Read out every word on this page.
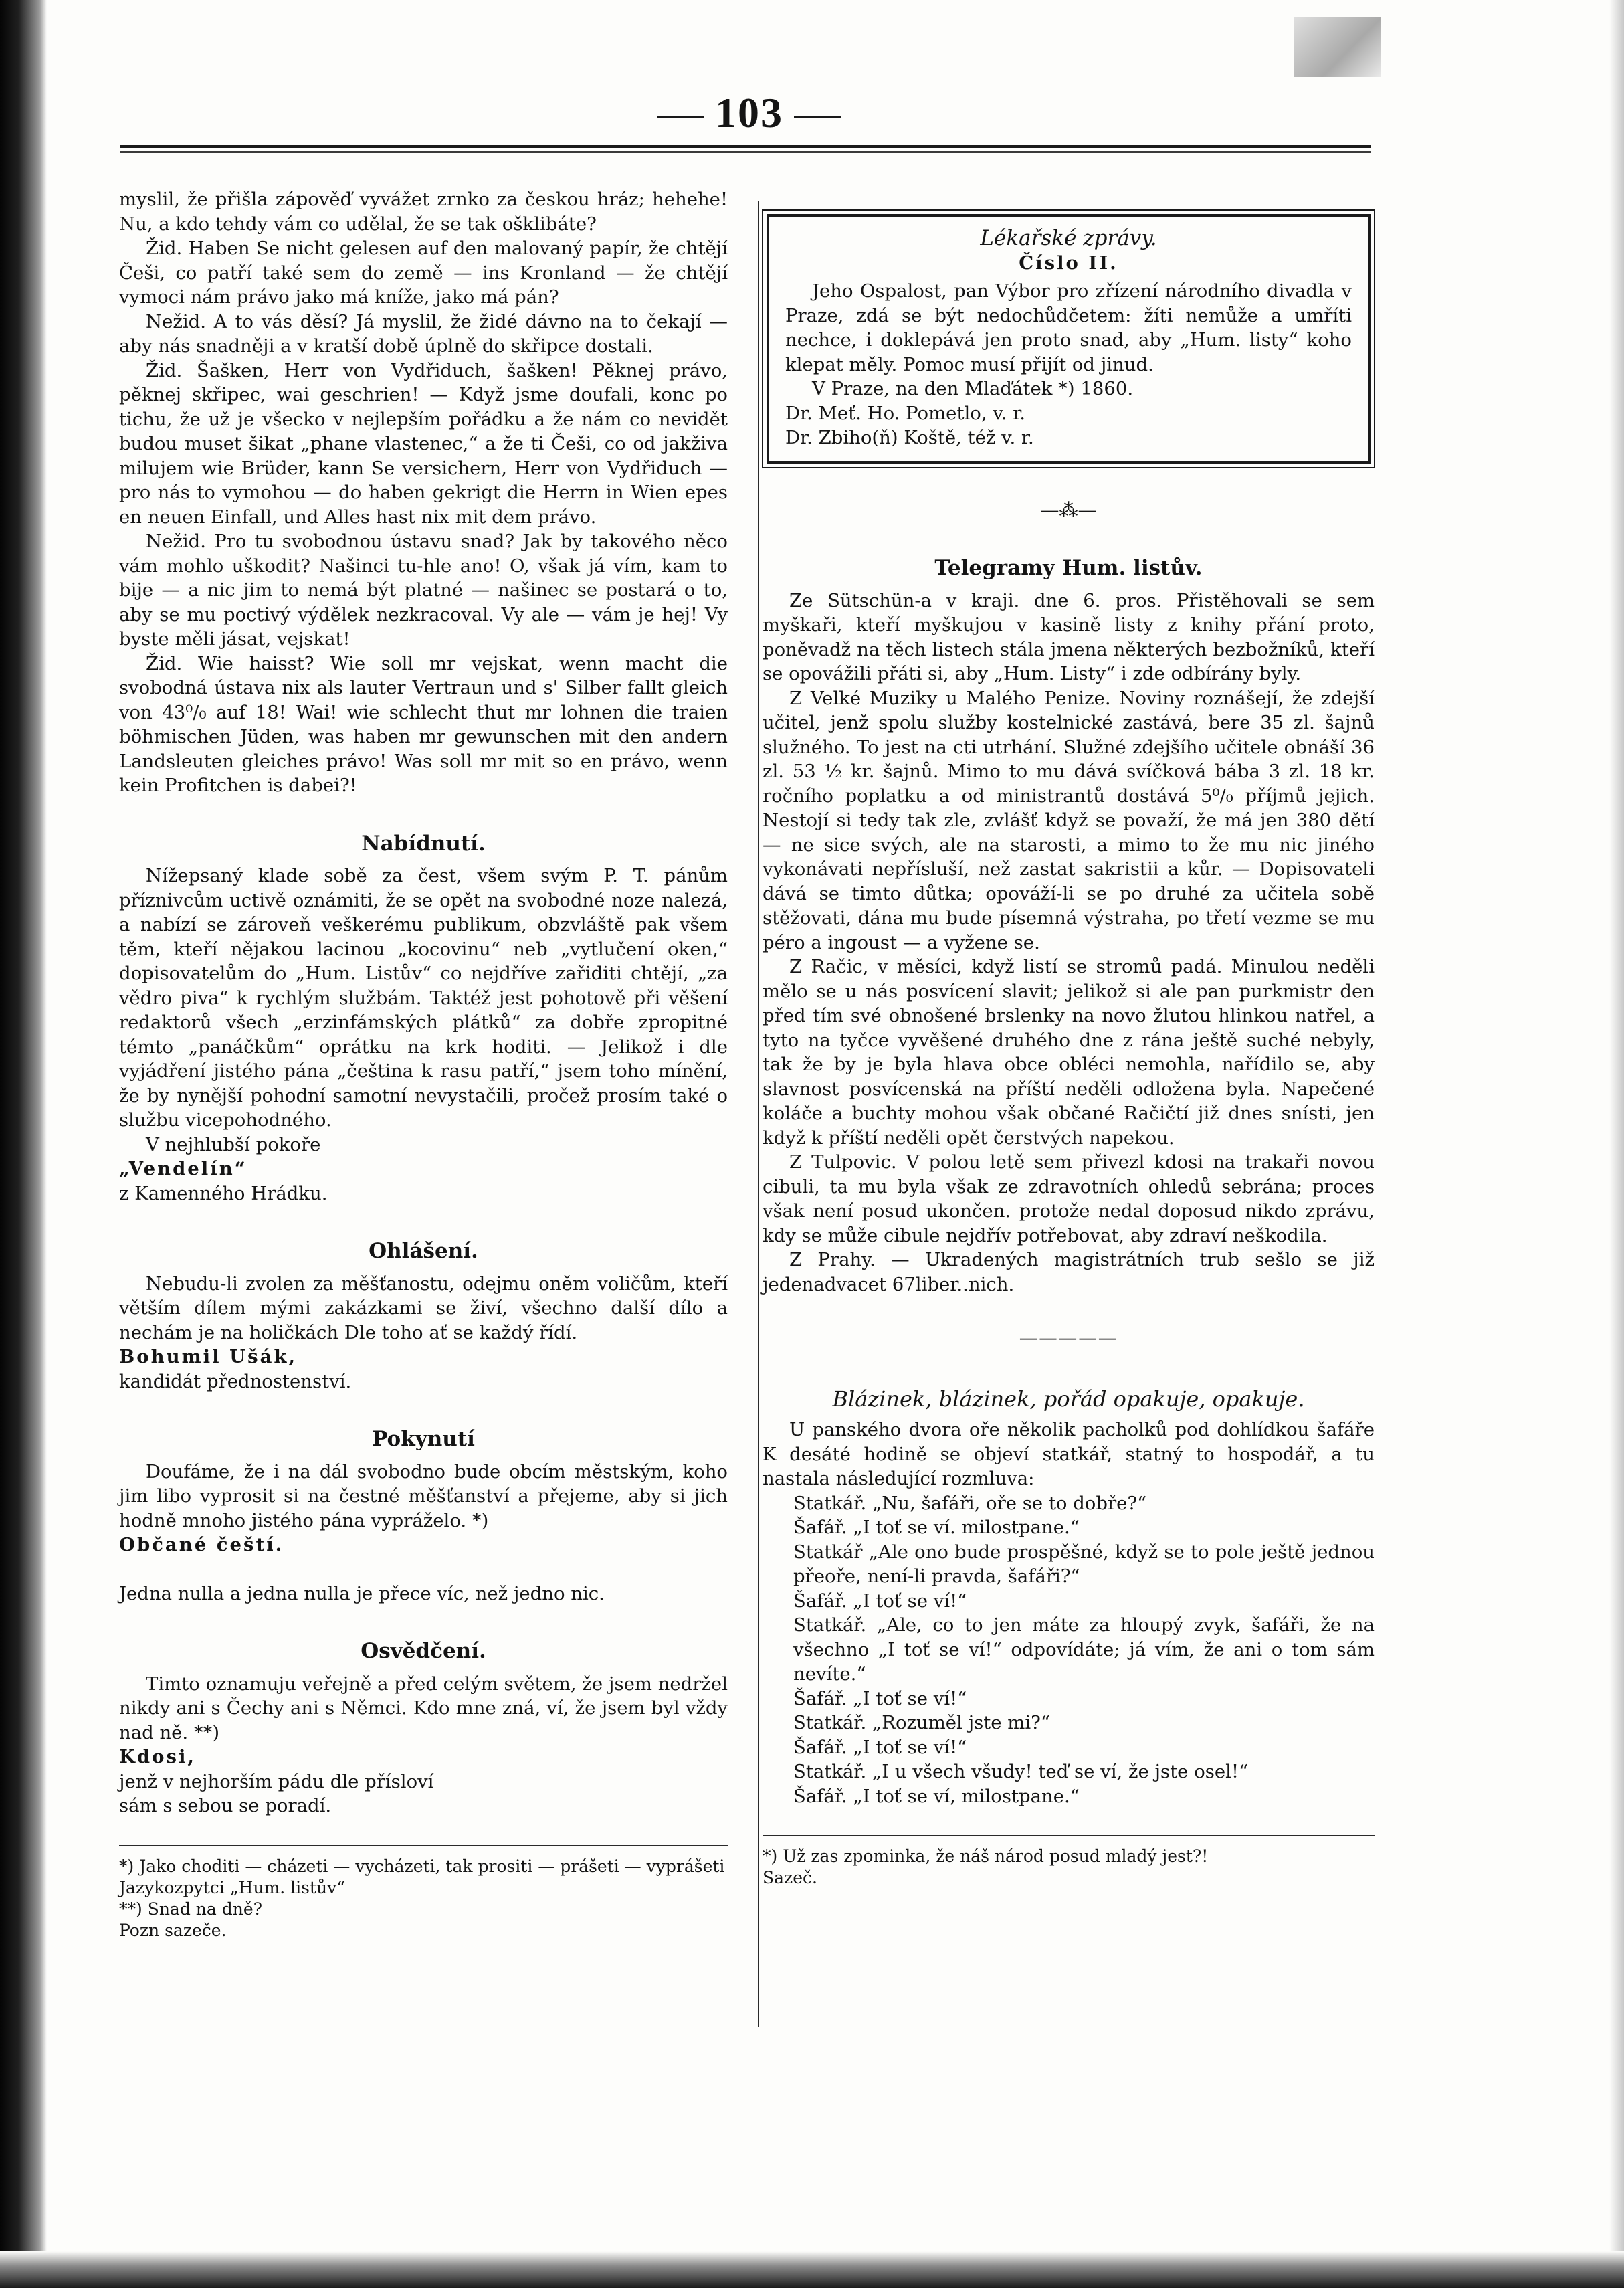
103

myslil, že přišla zápověď vyvážet zrnko za českou hráz; hehehe! Nu, a kdo tehdy vám co udělal, že se tak ošklibáte?

Žid. Haben Se nicht gelesen auf den malovaný papír, že chtějí Češi, co patří také sem do země — ins Kronland — že chtějí vymoci nám právo jako má kníže, jako má pán?

Nežid. A to vás děsí? Já myslil, že židé dávno na to čekají — aby nás snadněji a v kratší době úplně do skřipce dostali.

Žid. Šašken, Herr von Vydřiduch, šašken! Pěknej právo, pěknej skřipec, wai geschrien! — Když jsme doufali, konc po tichu, že už je všecko v nejlepším pořádku a že nám co nevidět budou muset šikat „phane vlastenec,“ a že ti Češi, co od jakživa milujem wie Brüder, kann Se versichern, Herr von Vydřiduch — pro nás to vymohou — do haben gekrigt die Herrn in Wien epes en neuen Einfall, und Alles hast nix mit dem právo.

Nežid. Pro tu svobodnou ústavu snad? Jak by takového něco vám mohlo uškodit? Našinci tu-hle ano! O, však já vím, kam to bije — a nic jim to nemá být platné — našinec se postará o to, aby se mu poctivý výdělek nezkracoval. Vy ale — vám je hej! Vy byste měli jásat, vejskat!

Žid. Wie haisst? Wie soll mr vejskat, wenn macht die svobodná ústava nix als lauter Vertraun und s' Silber fallt gleich von 43⁰/₀ auf 18! Wai! wie schlecht thut mr lohnen die traien böhmischen Jüden, was haben mr gewunschen mit den andern Landsleuten gleiches právo! Was soll mr mit so en právo, wenn kein Profitchen is dabei?!

Nabídnutí.

Nížepsaný klade sobě za čest, všem svým P. T. pánům příznivcům uctivě oznámiti, že se opět na svobodné noze nalezá, a nabízí se zároveň veškerému publikum, obzvláště pak všem těm, kteří nějakou lacinou „kocovinu“ neb „vytlučení oken,“ dopisovatelům do „Hum. Listův“ co nejdříve zařiditi chtějí, „za vědro piva“ k rychlým službám. Taktéž jest pohotově při věšení redaktorů všech „erzinfámských plátků“ za dobře zpropitné témto „panáčkům“ oprátku na krk hoditi. — Jelikož i dle vyjádření jistého pána „čeština k rasu patří,“ jsem toho mínění, že by nynější pohodní samotní nevystačili, pročež prosím také o službu vicepohodného.

V nejhlubší pokoře

„Vendelín“

z Kamenného Hrádku.

Ohlášení.

Nebudu-li zvolen za měšťanostu, odejmu oněm voličům, kteří větším dílem mými zakázkami se živí, všechno další dílo a nechám je na holičkách Dle toho ať se každý řídí.

Bohumil Ušák,

kandidát přednostenství.

Pokynutí

Doufáme, že i na dál svobodno bude obcím městským, koho jim libo vyprosit si na čestné měšťanství a přejeme, aby si jich hodně mnoho jistého pána vypráželo. *)

Občané čeští.

Jedna nulla a jedna nulla je přece víc, než jedno nic.

Osvědčení.

Timto oznamuju veřejně a před celým světem, že jsem nedržel nikdy ani s Čechy ani s Němci. Kdo mne zná, ví, že jsem byl vždy nad ně. **)

Kdosi,

jenž v nejhorším pádu dle přísloví

sám s sebou se poradí.

*) Jako choditi — cházeti — vycházeti, tak prositi — prášeti — vyprášeti

Jazykozpytci „Hum. listův“

**) Snad na dně?

Pozn sazeče.

Lékařské zprávy.
Číslo II.

Jeho Ospalost, pan Výbor pro zřízení národního divadla v Praze, zdá se být nedochůdčetem: žíti nemůže a umříti nechce, i doklepává jen proto snad, aby „Hum. listy“ koho klepat měly. Pomoc musí přijít od jinud.

V Praze, na den Mlaďátek *) 1860.

Dr. Meť. Ho. Pometlo, v. r.

Dr. Zbiho(ň) Koště, též v. r.

—⁂—
Telegramy Hum. listův.

Ze Sütschün-a v kraji. dne 6. pros. Přistěhovali se sem myškaři, kteří myškujou v kasině listy z knihy přání proto, poněvadž na těch listech stála jmena některých bezbožníků, kteří se opovážili přáti si, aby „Hum. Listy“ i zde odbírány byly.

Z Velké Muziky u Malého Penize. Noviny roznášejí, že zdejší učitel, jenž spolu služby kostelnické zastává, bere 35 zl. šajnů služného. To jest na cti utrhání. Služné zdejšího učitele obnáší 36 zl. 53 ½ kr. šajnů. Mimo to mu dává svíčková bába 3 zl. 18 kr. ročního poplatku a od ministrantů dostává 5⁰/₀ příjmů jejich. Nestojí si tedy tak zle, zvlášť když se považí, že má jen 380 dětí — ne sice svých, ale na starosti, a mimo to že mu nic jiného vykonávati nepřísluší, než zastat sakristii a kůr. — Dopisovateli dává se timto důtka; opováží-li se po druhé za učitela sobě stěžovati, dána mu bude písemná výstraha, po třetí vezme se mu péro a ingoust — a vyžene se.

Z Račic, v měsíci, když listí se stromů padá. Minulou neděli mělo se u nás posvícení slavit; jelikož si ale pan purkmistr den před tím své obnošené brslenky na novo žlutou hlinkou natřel, a tyto na tyčce vyvěšené druhého dne z rána ještě suché nebyly, tak že by je byla hlava obce obléci nemohla, nařídilo se, aby slavnost posvícenská na příští neděli odložena byla. Napečené koláče a buchty mohou však občané Račičtí již dnes snísti, jen když k příští neděli opět čerstvých napekou.

Z Tulpovic. V polou letě sem přivezl kdosi na trakaři novou cibuli, ta mu byla však ze zdravotních ohledů sebrána; proces však není posud ukončen. protože nedal doposud nikdo zprávu, kdy se může cibule nejdřív potřebovat, aby zdraví neškodila.

Z Prahy. — Ukradených magistrátních trub sešlo se již jedenadvacet 67liber..nich.

—————
Blázinek, blázinek, pořád opakuje, opakuje.

U panského dvora oře několik pacholků pod dohlídkou šafáře K desáté hodině se objeví statkář, statný to hospodář, a tu nastala následující rozmluva:

Statkář. „Nu, šafáři, oře se to dobře?“

Šafář. „I toť se ví. milostpane.“

Statkář „Ale ono bude prospěšné, když se to pole ještě jednou přeoře, není-li pravda, šafáři?“

Šafář. „I toť se ví!“

Statkář. „Ale, co to jen máte za hloupý zvyk, šafáři, že na všechno „I toť se ví!“ odpovídáte; já vím, že ani o tom sám nevíte.“

Šafář. „I toť se ví!“

Statkář. „Rozuměl jste mi?“

Šafář. „I toť se ví!“

Statkář. „I u všech všudy! teď se ví, že jste osel!“

Šafář. „I toť se ví, milostpane.“

*) Už zas zpominka, že náš národ posud mladý jest?!

Sazeč.
